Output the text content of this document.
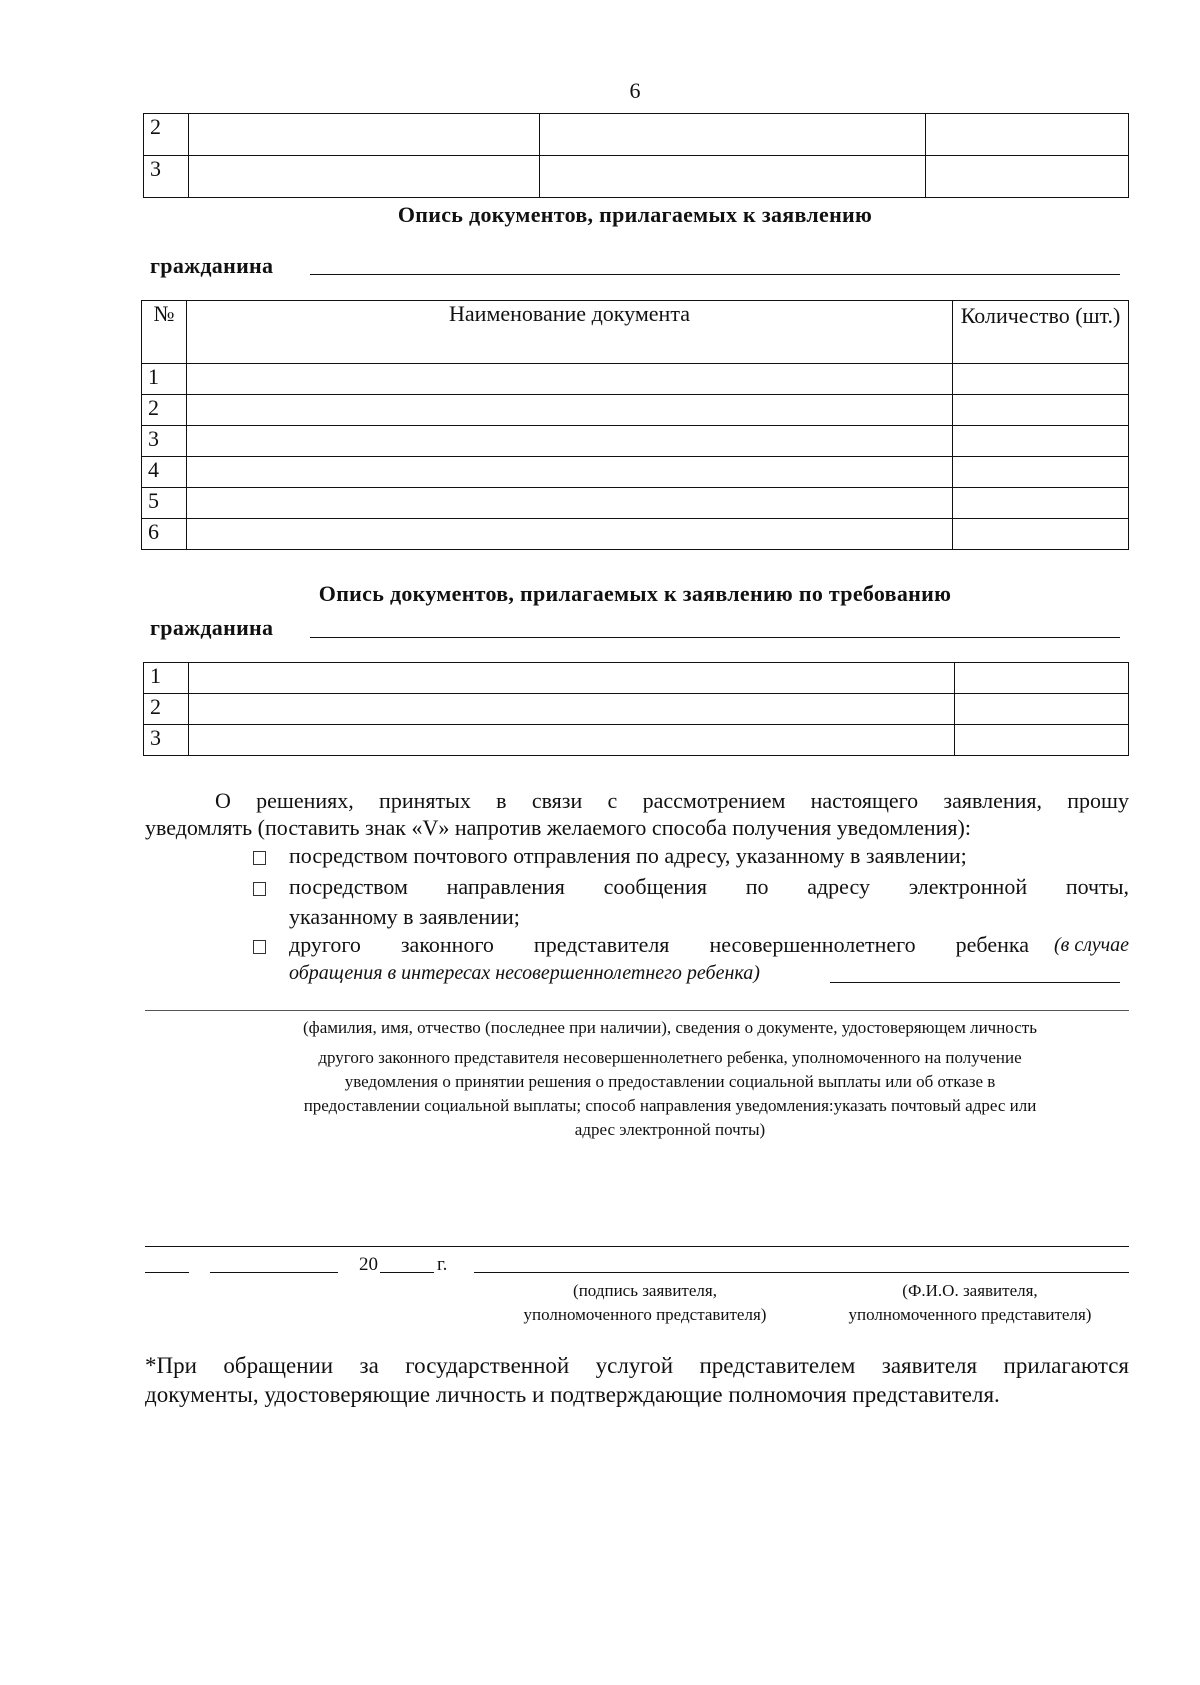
6
2			
3			
Опись документов, прилагаемых к заявлению
гражданина
№	Наименование документа	Количество (шт.)
1		
2		
3		
4		
5		
6		
Опись документов, прилагаемых к заявлению по требованию
гражданина
1		
2		
3		
О решениях, принятых в связи с рассмотрением настоящего заявления, прошу
уведомлять (поставить знак «V» напротив желаемого способа получения уведомления):
посредством почтового отправления по адресу, указанному в заявлении;
посредством направления сообщения по адресу электронной почты,
указанному в заявлении;
другого законного представителя несовершеннолетнего ребенка	(в случае
обращения в интересах несовершеннолетнего ребенка)
(фамилия, имя, отчество (последнее при наличии), сведения о документе, удостоверяющем личность
другого законного представителя несовершеннолетнего ребенка, уполномоченного на получение
уведомления о принятии решения о предоставлении социальной выплаты или об отказе в
предоставлении социальной выплаты; способ направления уведомления:указать почтовый адрес или
адрес электронной почты)
20	г.
(подпись заявителя,
уполномоченного представителя)
(Ф.И.О. заявителя,
уполномоченного представителя)
*При обращении за государственной услугой представителем заявителя прилагаются
документы, удостоверяющие личность и подтверждающие полномочия представителя.
